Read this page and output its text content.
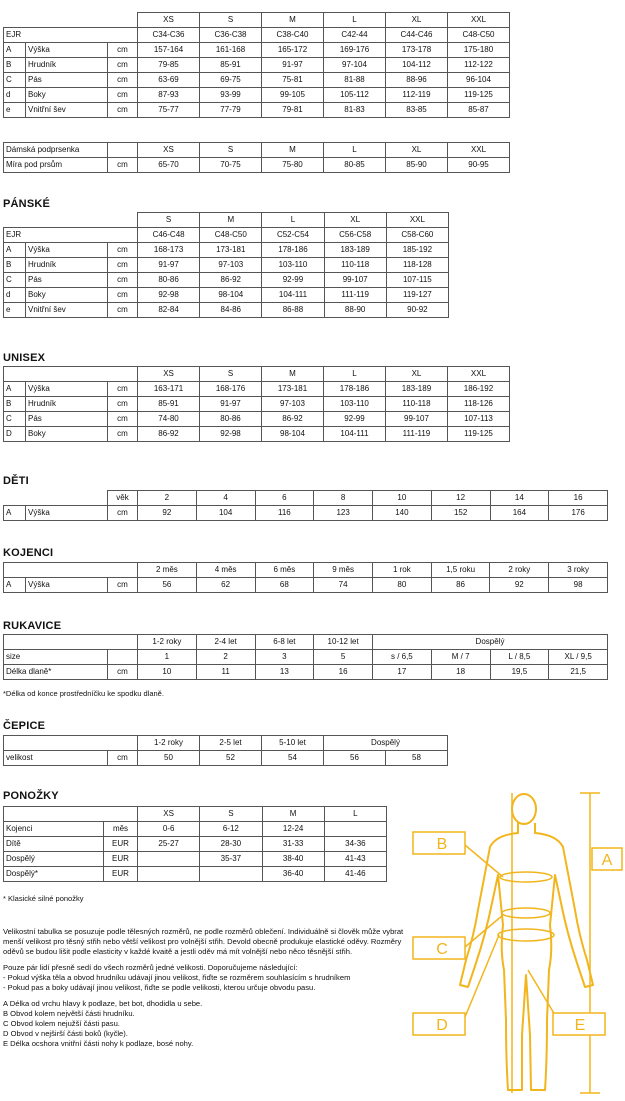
			XS	S	M	L	XL	XXL
EJR			C34-C36	C36-C38	C38-C40	C42-44	C44-C46	C48-C50
A	Výška	cm	157-164	161-168	165-172	169-176	173-178	175-180
B	Hrudník	cm	79-85	85-91	91-97	97-104	104-112	112-122
C	Pás	cm	63-69	69-75	75-81	81-88	88-96	96-104
d	Boky	cm	87-93	93-99	99-105	105-112	112-119	119-125
e	Vnitřní šev	cm	75-77	77-79	79-81	81-83	83-85	85-87
Dámská podprsenka		XS	S	M	L	XL	XXL
Míra pod prsům	cm	65-70	70-75	75-80	80-85	85-90	90-95
PÁNSKÉ
			S	M	L	XL	XXL
EJR			C46-C48	C48-C50	C52-C54	C56-C58	C58-C60
A	Výška	cm	168-173	173-181	178-186	183-189	185-192
B	Hrudník	cm	91-97	97-103	103-110	110-118	118-128
C	Pás	cm	80-86	86-92	92-99	99-107	107-115
d	Boky	cm	92-98	98-104	104-111	111-119	119-127
e	Vnitřní šev	cm	82-84	84-86	86-88	88-90	90-92
UNISEX
			XS	S	M	L	XL	XXL
A	Výška	cm	163-171	168-176	173-181	178-186	183-189	186-192
B	Hrudník	cm	85-91	91-97	97-103	103-110	110-118	118-126
C	Pás	cm	74-80	80-86	86-92	92-99	99-107	107-113
D	Boky	cm	86-92	92-98	98-104	104-111	111-119	119-125
DĚTI
		věk	2	4	6	8	10	12	14	16
A	Výška	cm	92	104	116	123	140	152	164	176
KOJENCI
			2 měs	4 měs	6 měs	9 měs	1 rok	1,5 roku	2 roky	3 roky
A	Výška	cm	56	62	68	74	80	86	92	98
RUKAVICE
		1-2 roky	2-4 let	6-8 let	10-12 let	Dospělý			
size		1	2	3	5	s / 6,5	M / 7	L / 8,5	XL / 9,5
Délka dlaně*	cm	10	11	13	16	17	18	19,5	21,5
*Délka od konce prostředníčku ke spodku dlaně.
ČEPICE
		1-2 roky	2-5 let	5-10 let	Dospělý	
velikost	cm	50	52	54	56	58
PONOŽKY
		XS	S	M	L
Kojenci	měs	0-6	6-12	12-24	
Dítě	EUR	25-27	28-30	31-33	34-36
Dospělý	EUR		35-37	38-40	41-43
Dospělý*	EUR			36-40	41-46
* Klasické silné ponožky

Velikostní tabulka se posuzuje podle tělesných rozměrů, ne podle rozměrů oblečení. Individuálně si člověk může vybrat menší velikost pro těsný střih nebo větší velikost pro volnější střih. Devold obecně produkuje elastické oděvy. Rozměry oděvů se budou lišit podle elasticity v každé kvaitě a jestli oděv má mít volnější nebo něco těsnější střih.

Pouze pár lidí přesně sedí do všech rozměrů jedné velikosti. Doporučujeme následující:
- Pokud výška těla a obvod hrudníku udávají jinou velikost, řiďte se rozměrem souhlasícím s hrudníkem
- Pokud pas a boky udávají jinou velikost, řiďte se podle velikosti, kterou určuje obvodu pasu.

A Délka od vrchu hlavy k podlaze, bet bot, dhodidla u sebe.
B Obvod kolem největší části hrudníku.
C Obvod kolem nejužší části pasu.
D Obvod v nejširší části boků (kyčle).
E Délka ocshora vnitřní části nohy k podlaze, bosé nohy.
A
B
C
D	E
